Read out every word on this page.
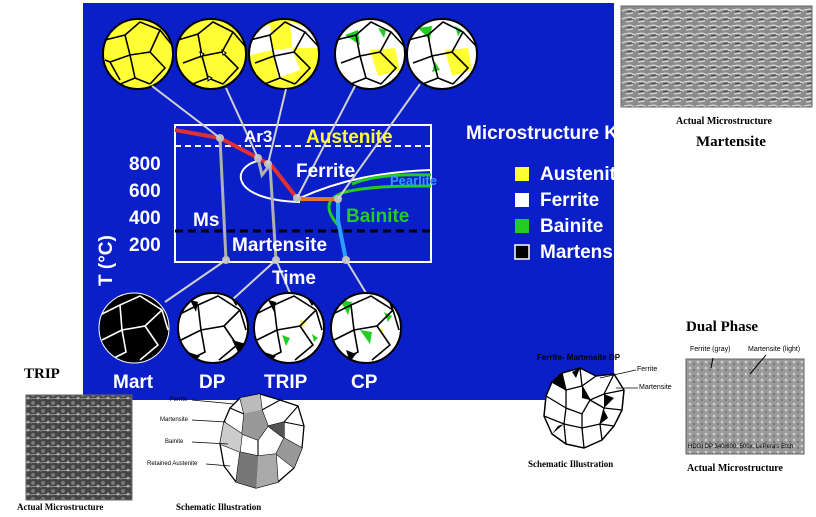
T (°C)
800
600
400
200
Time
Ar3 Austenite
Ferrite	Pearlite
Bainite
Ms
Martensite
Mart DP TRIP CP
Microstructure Key
Austenite
Ferrite
Bainite
Martensite
Actual Microstructure
Martensite
Dual Phase
Ferrite (gray)	Martensite (light)
HDGI DP 340/600, 500x, LePera's Etch
Actual Microstructure
Ferrite- Martensite DP
Ferrite
Martensite
Schematic Illustration
TRIP
Actual Microstructure
Ferrite
Martensite
Bainite
Retained Austenite
Schematic Illustration
